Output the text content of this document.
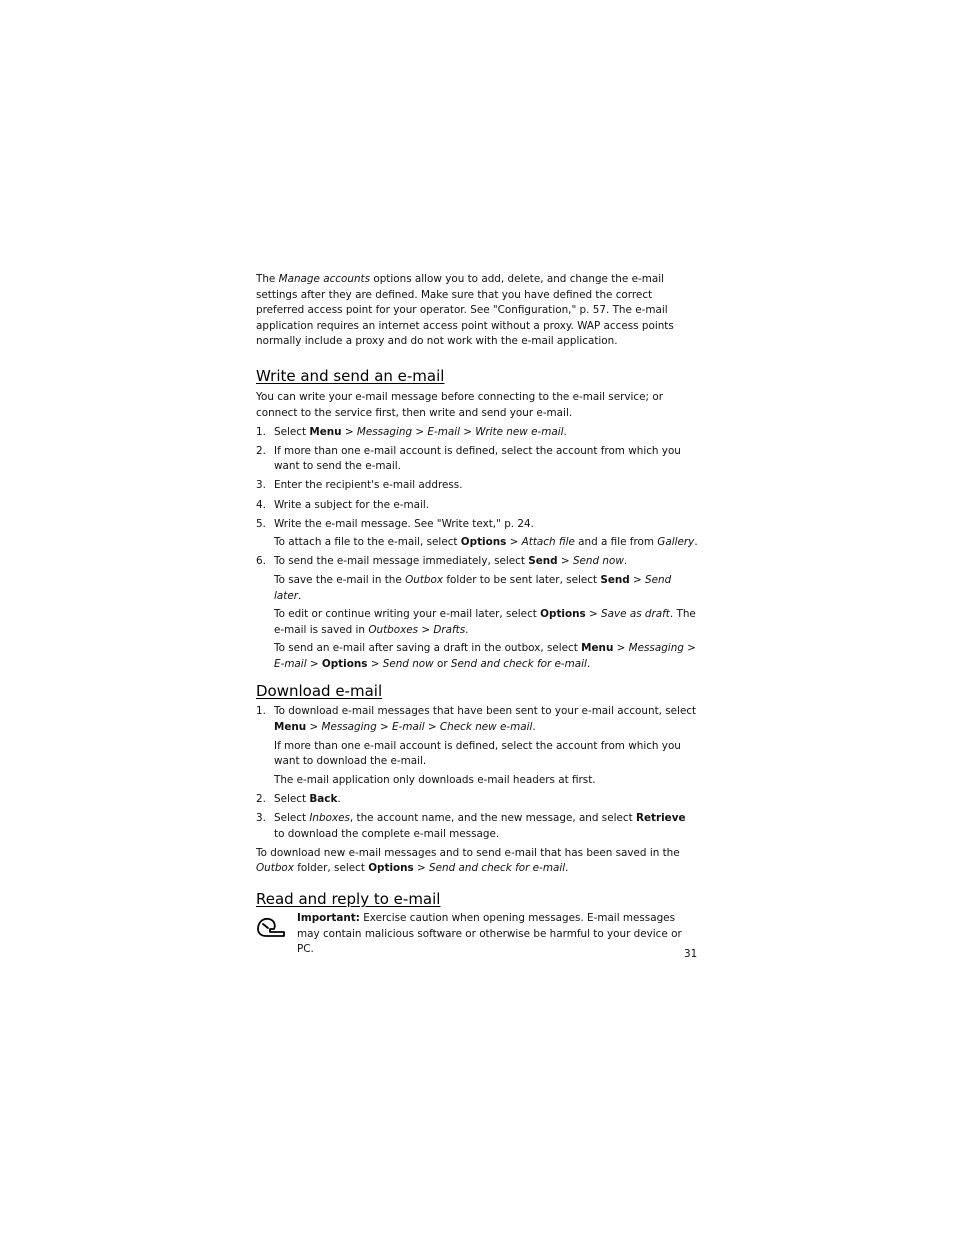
The Manage accounts options allow you to add, delete, and change the e-mail settings after they are defined. Make sure that you have defined the correct preferred access point for your operator. See "Configuration," p. 57. The e-mail application requires an internet access point without a proxy. WAP access points normally include a proxy and do not work with the e-mail application.

Write and send an e-mail

You can write your e-mail message before connecting to the e-mail service; or connect to the service first, then write and send your e-mail.

1. Select Menu > Messaging > E-mail > Write new e-mail.

2. If more than one e-mail account is defined, select the account from which you want to send the e-mail.

3. Enter the recipient's e-mail address.

4. Write a subject for the e-mail.

5. Write the e-mail message. See "Write text," p. 24.

To attach a file to the e-mail, select Options > Attach file and a file from Gallery.

6. To send the e-mail message immediately, select Send > Send now.

To save the e-mail in the Outbox folder to be sent later, select Send > Send later.

To edit or continue writing your e-mail later, select Options > Save as draft. The e-mail is saved in Outboxes > Drafts.

To send an e-mail after saving a draft in the outbox, select Menu > Messaging > E-mail > Options > Send now or Send and check for e-mail.

Download e-mail
1. To download e-mail messages that have been sent to your e-mail account, select Menu > Messaging > E-mail > Check new e-mail.

If more than one e-mail account is defined, select the account from which you want to download the e-mail.

The e-mail application only downloads e-mail headers at first.

2. Select Back.

3. Select Inboxes, the account name, and the new message, and select Retrieve to download the complete e-mail message.

To download new e-mail messages and to send e-mail that has been saved in the Outbox folder, select Options > Send and check for e-mail.

Read and reply to e-mail

Important: Exercise caution when opening messages. E-mail messages may contain malicious software or otherwise be harmful to your device or PC.	31
